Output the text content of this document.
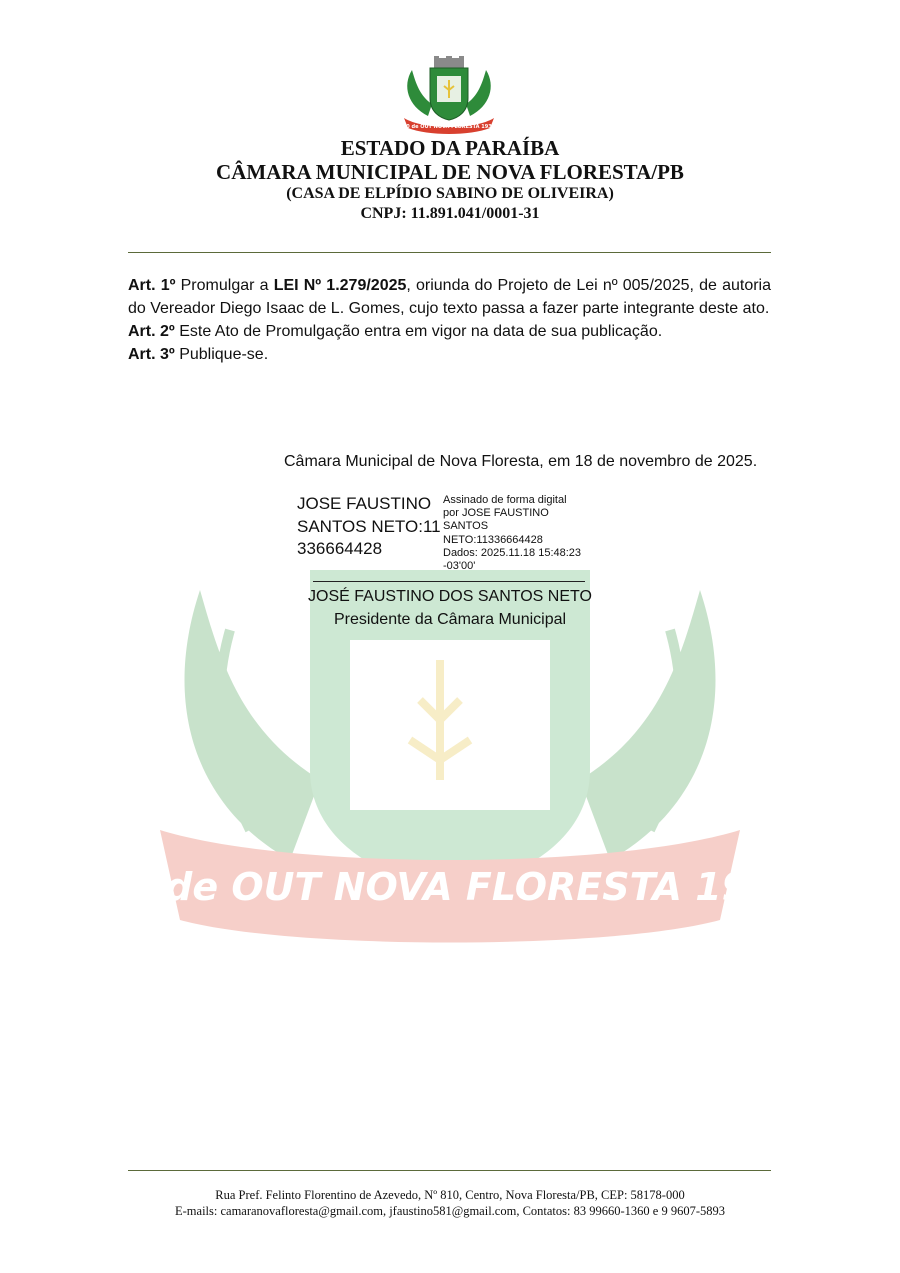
20 de OUT NOVA FLORESTA 1936
ESTADO DA PARAÍBA
CÂMARA MUNICIPAL DE NOVA FLORESTA/PB
(CASA DE ELPÍDIO SABINO DE OLIVEIRA)
CNPJ: 11.891.041/0001-31
20 de OUT NOVA FLORESTA 1936

Art. 1º Promulgar a LEI Nº 1.279/2025, oriunda do Projeto de Lei nº 005/2025, de autoria do Vereador Diego Isaac de L. Gomes, cujo texto passa a fazer parte integrante deste ato.

Art. 2º Este Ato de Promulgação entra em vigor na data de sua publicação.

Art. 3º Publique-se.

Câmara Municipal de Nova Floresta, em 18 de novembro de 2025.
JOSE FAUSTINO SANTOS NETO:11336664428
Assinado de forma digital
por JOSE FAUSTINO
SANTOS
NETO:11336664428
Dados: 2025.11.18 15:48:23
-03'00'
JOSÉ FAUSTINO DOS SANTOS NETO
Presidente da Câmara Municipal
Rua Pref. Felinto Florentino de Azevedo, Nº 810, Centro, Nova Floresta/PB, CEP: 58178-000
E-mails: camaranovafloresta@gmail.com, jfaustino581@gmail.com, Contatos: 83 99660-1360 e 9 9607-5893
